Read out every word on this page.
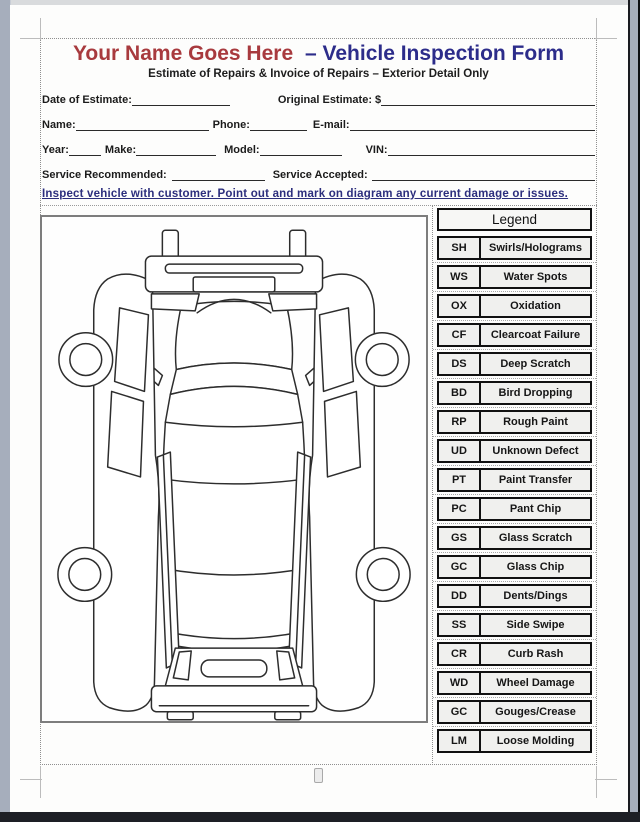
Your Name Goes Here – Vehicle Inspection Form
Estimate of Repairs & Invoice of Repairs – Exterior Detail Only
Date of Estimate:	Original Estimate: $
Name:	Phone:	E-mail:
Year:	Make:	Model:	VIN:
Service Recommended:	Service Accepted:
Inspect vehicle with customer. Point out and mark on diagram any current damage or issues.
Legend
SH	Swirls/Holograms
WS	Water Spots
OX	Oxidation
CF	Clearcoat Failure
DS	Deep Scratch
BD	Bird Dropping
RP	Rough Paint
UD	Unknown Defect
PT	Paint Transfer
PC	Pant Chip
GS	Glass Scratch
GC	Glass Chip
DD	Dents/Dings
SS	Side Swipe
CR	Curb Rash
WD	Wheel Damage
GC	Gouges/Crease
LM	Loose Molding
